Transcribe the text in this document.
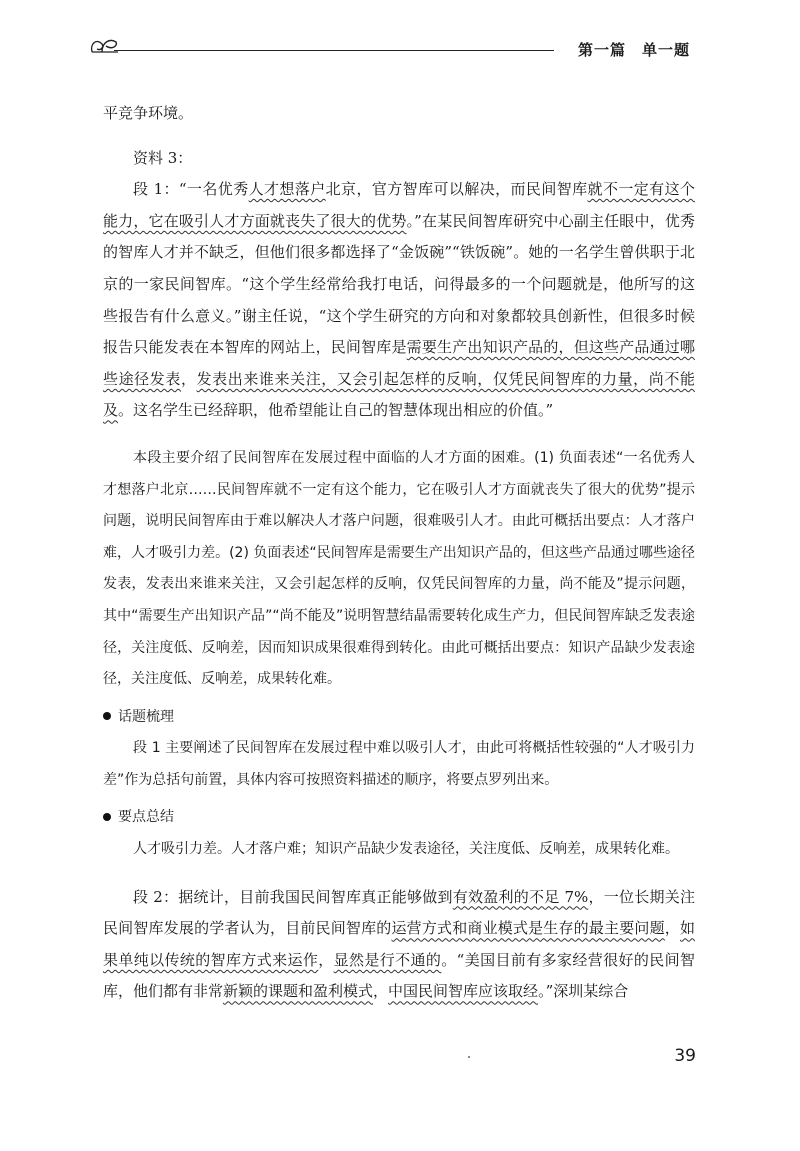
第一篇　单一题

平竞争环境。

资料 3：

段 1：“一名优秀人才想落户北京，官方智库可以解决，而民间智库就不一定有这个能力，它在吸引人才方面就丧失了很大的优势。”在某民间智库研究中心副主任眼中，优秀的智库人才并不缺乏，但他们很多都选择了“金饭碗”“铁饭碗”。她的一名学生曾供职于北京的一家民间智库。“这个学生经常给我打电话，问得最多的一个问题就是，他所写的这些报告有什么意义。”谢主任说，“这个学生研究的方向和对象都较具创新性，但很多时候报告只能发表在本智库的网站上，民间智库是需要生产出知识产品的，但这些产品通过哪些途径发表，发表出来谁来关注，又会引起怎样的反响，仅凭民间智库的力量，尚不能及。这名学生已经辞职，他希望能让自己的智慧体现出相应的价值。”

本段主要介绍了民间智库在发展过程中面临的人才方面的困难。(1) 负面表述“一名优秀人才想落户北京……民间智库就不一定有这个能力，它在吸引人才方面就丧失了很大的优势”提示问题，说明民间智库由于难以解决人才落户问题，很难吸引人才。由此可概括出要点：人才落户难，人才吸引力差。(2) 负面表述“民间智库是需要生产出知识产品的，但这些产品通过哪些途径发表，发表出来谁来关注，又会引起怎样的反响，仅凭民间智库的力量，尚不能及”提示问题，其中“需要生产出知识产品”“尚不能及”说明智慧结晶需要转化成生产力，但民间智库缺乏发表途径，关注度低、反响差，因而知识成果很难得到转化。由此可概括出要点：知识产品缺少发表途径，关注度低、反响差，成果转化难。

话题梳理

段 1 主要阐述了民间智库在发展过程中难以吸引人才，由此可将概括性较强的“人才吸引力差”作为总括句前置，具体内容可按照资料描述的顺序，将要点罗列出来。

要点总结

人才吸引力差。人才落户难；知识产品缺少发表途径，关注度低、反响差，成果转化难。

段 2：据统计，目前我国民间智库真正能够做到有效盈利的不足 7%，一位长期关注民间智库发展的学者认为，目前民间智库的运营方式和商业模式是生存的最主要问题，如果单纯以传统的智库方式来运作，显然是行不通的。“美国目前有多家经营很好的民间智库，他们都有非常新颖的课题和盈利模式，中国民间智库应该取经。”深圳某综合

39
